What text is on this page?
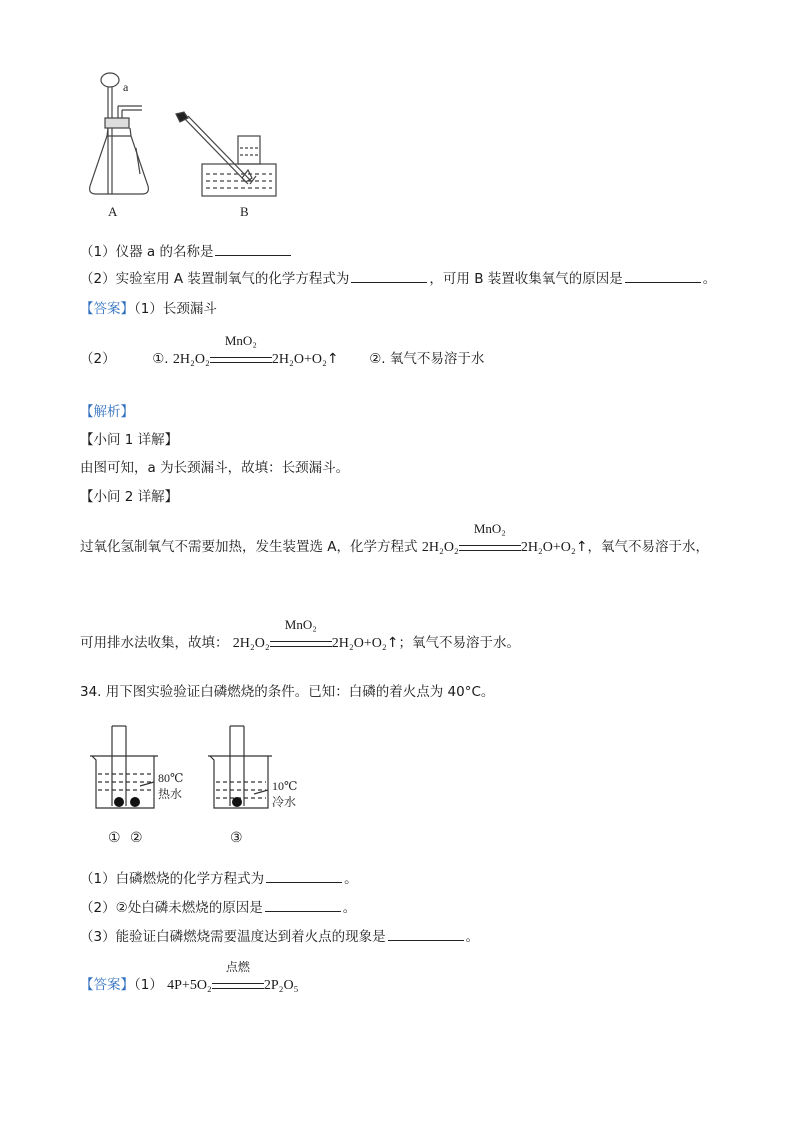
a
A	B
（1）仪器 a 的名称是
（2）实验室用 A 装置制氧气的化学方程式为	，可用 B 装置收集氧气的原因是	。
【答案】（1）长颈漏斗
（2）	①. 2H₂O₂
MnO₂
2H₂O+O₂↑ ②. 氧气不易溶于水
【解析】
【小问 1 详解】
由图可知，a 为长颈漏斗，故填：长颈漏斗。
【小问 2 详解】
过氧化氢制氧气不需要加热，发生装置选 A，化学方程式 2H₂O₂
MnO₂
2H₂O+O₂↑，氧气不易溶于水，
可用排水法收集，故填： 2H₂O₂
MnO₂
2H₂O+O₂↑；氧气不易溶于水。
34. 用下图实验验证白磷燃烧的条件。已知：白磷的着火点为 40°C。
80℃
热水
① ②
10℃
冷水
③
（1）白磷燃烧的化学方程式为	。
（2）②处白磷未燃烧的原因是	。
（3）能验证白磷燃烧需要温度达到着火点的现象是	。
【答案】（1） 4P+5O₂
点燃
2P₂O₅
